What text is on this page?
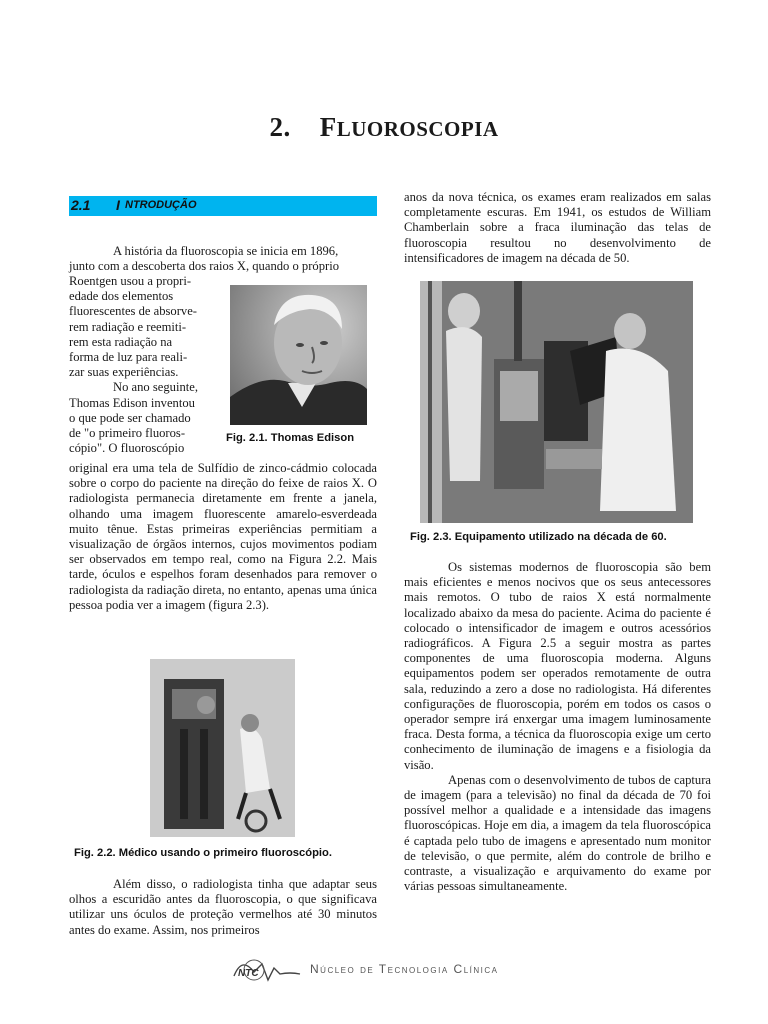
2. FLUOROSCOPIA
2.1 I NTRODUÇÃO

A história da fluoroscopia se inicia em 1896,

junto com a descoberta dos raios X, quando o próprio

Roentgen usou a propri-

edade dos elementos

fluorescentes de absorve-

rem radiação e reemiti-

rem esta radiação na

forma de luz para reali-

zar suas experiências.

No ano seguinte,

Thomas Edison inventou

o que pode ser chamado

de "o primeiro fluoros-

cópio". O fluoroscópio

Fig. 2.1. Thomas Edison

original era uma tela de Sulfídio de zinco-cádmio colocada sobre o corpo do paciente na direção do feixe de raios X. O radiologista permanecia diretamente em frente a janela, olhando uma imagem fluorescente amarelo-esverdeada muito tênue. Estas primeiras experiências permitiam a visualização de órgãos internos, cujos movimentos podiam ser observados em tempo real, como na Figura 2.2. Mais tarde, óculos e espelhos foram desenhados para remover o radiologista da radiação direta, no entanto, apenas uma única pessoa podia ver a imagem (figura 2.3).

Fig. 2.2. Médico usando o primeiro fluoroscópio.

Além disso, o radiologista tinha que adaptar seus olhos a escuridão antes da fluoroscopia, o que significava utilizar uns óculos de proteção vermelhos até 30 minutos antes do exame. Assim, nos primeiros

anos da nova técnica, os exames eram realizados em salas completamente escuras. Em 1941, os estudos de William Chamberlain sobre a fraca iluminação das telas de fluoroscopia resultou no desenvolvimento de intensificadores de imagem na década de 50.

Fig. 2.3. Equipamento utilizado na década de 60.

Os sistemas modernos de fluoroscopia são bem mais eficientes e menos nocivos que os seus antecessores mais remotos. O tubo de raios X está normalmente localizado abaixo da mesa do paciente. Acima do paciente é colocado o intensificador de imagem e outros acessórios radiográficos. A Figura 2.5 a seguir mostra as partes componentes de uma fluoroscopia moderna. Alguns equipamentos podem ser operados remotamente de outra sala, reduzindo a zero a dose no radiologista. Há diferentes configurações de fluoroscopia, porém em todos os casos o operador sempre irá enxergar uma imagem luminosamente fraca. Desta forma, a técnica da fluoroscopia exige um certo conhecimento de iluminação de imagens e a fisiologia da visão.

Apenas com o desenvolvimento de tubos de captura de imagem (para a televisão) no final da década de 70 foi possível melhor a qualidade e a intensidade das imagens fluoroscópicas. Hoje em dia, a imagem da tela fluoroscópica é captada pelo tubo de imagens e apresentado num monitor de televisão, o que permite, além do controle de brilho e contraste, a visualização e arquivamento do exame por várias pessoas simultaneamente.

NTC	Núcleo de Tecnologia Clínica
